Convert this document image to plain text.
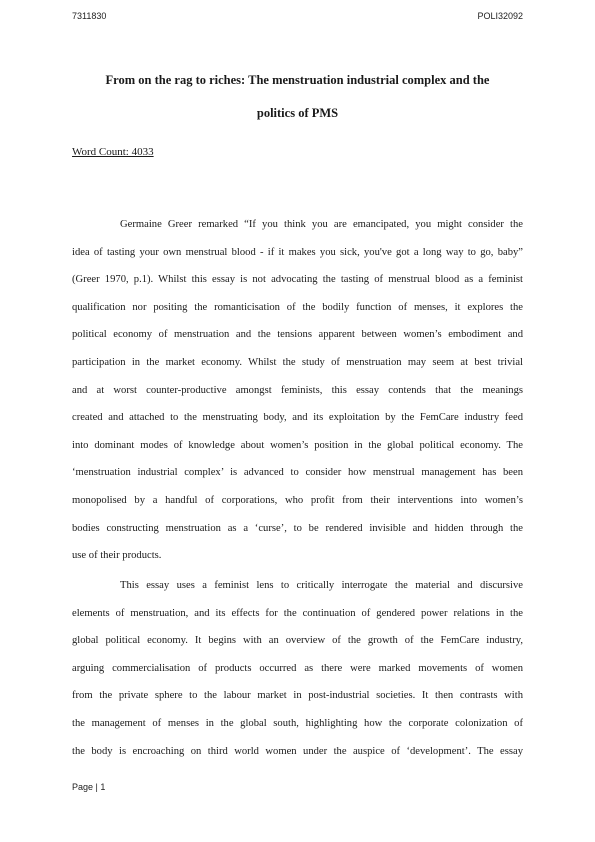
7311830	POLI32092
From on the rag to riches: The menstruation industrial complex and the
politics of PMS
Word Count: 4033
Germaine Greer remarked “If you think you are emancipated, you might consider the
idea of tasting your own menstrual blood - if it makes you sick, you've got a long way to go, baby”
(Greer 1970, p.1). Whilst this essay is not advocating the tasting of menstrual blood as a feminist
qualification nor positing the romanticisation of the bodily function of menses, it explores the
political economy of menstruation and the tensions apparent between women’s embodiment and
participation in the market economy. Whilst the study of menstruation may seem at best trivial
and at worst counter-productive amongst feminists, this essay contends that the meanings
created and attached to the menstruating body, and its exploitation by the FemCare industry feed
into dominant modes of knowledge about women’s position in the global political economy. The
‘menstruation industrial complex’ is advanced to consider how menstrual management has been
monopolised by a handful of corporations, who profit from their interventions into women’s
bodies constructing menstruation as a ‘curse’, to be rendered invisible and hidden through the
use of their products.
This essay uses a feminist lens to critically interrogate the material and discursive
elements of menstruation, and its effects for the continuation of gendered power relations in the
global political economy. It begins with an overview of the growth of the FemCare industry,
arguing commercialisation of products occurred as there were marked movements of women
from the private sphere to the labour market in post-industrial societies. It then contrasts with
the management of menses in the global south, highlighting how the corporate colonization of
the body is encroaching on third world women under the auspice of ‘development’. The essay
Page | 1
